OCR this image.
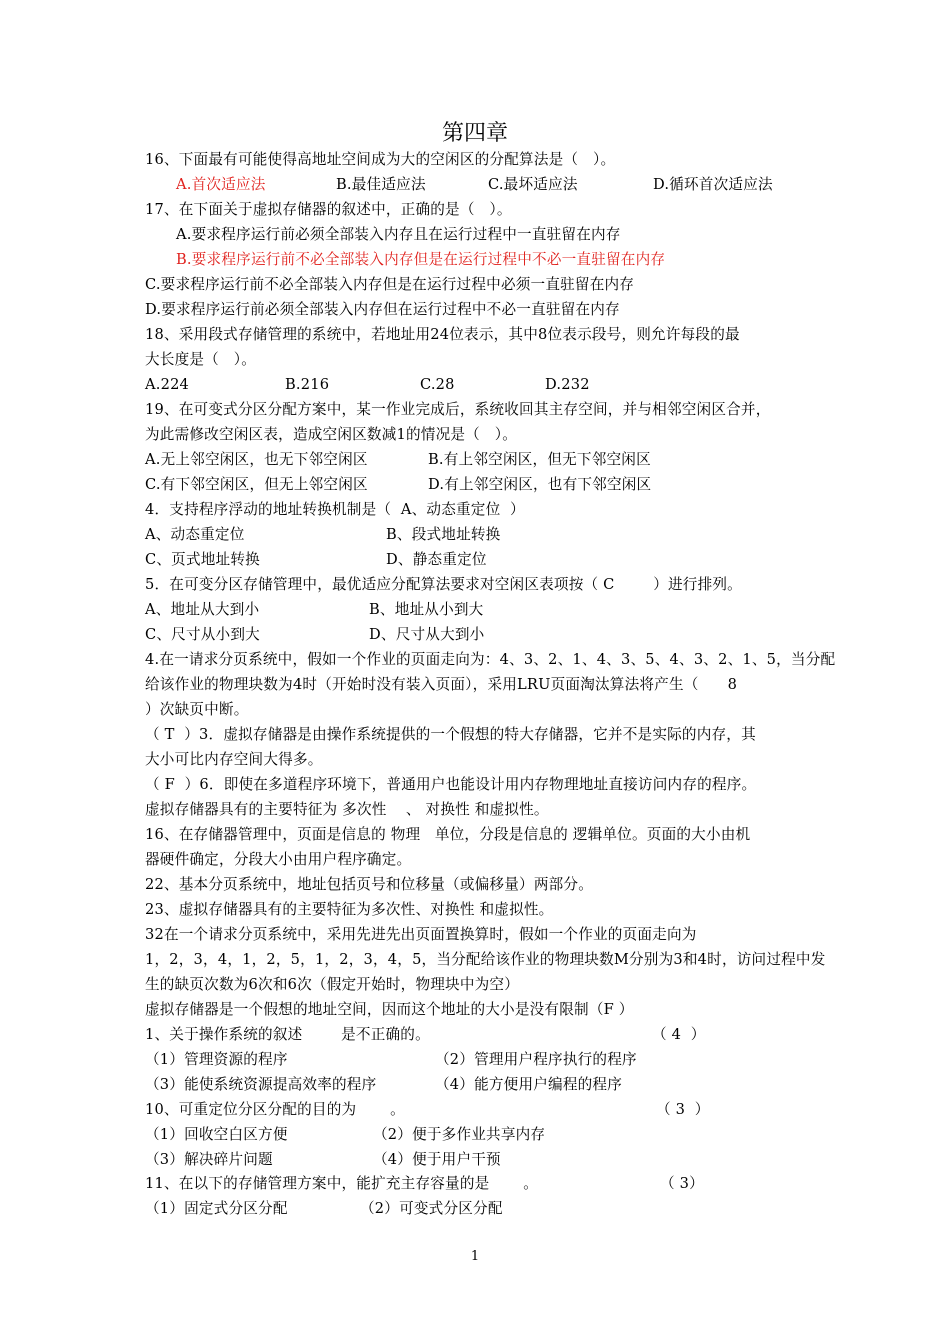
第四章
16、下面最有可能使得高地址空间成为大的空闲区的分配算法是（　）。
A.首次适应法	B.最佳适应法	C.最坏适应法	D.循环首次适应法
17、在下面关于虚拟存储器的叙述中，正确的是（　）。
A.要求程序运行前必须全部装入内存且在运行过程中一直驻留在内存
B.要求程序运行前不必全部装入内存但是在运行过程中不必一直驻留在内存
C.要求程序运行前不必全部装入内存但是在运行过程中必须一直驻留在内存
D.要求程序运行前必须全部装入内存但在运行过程中不必一直驻留在内存
18、采用段式存储管理的系统中，若地址用24位表示，其中8位表示段号，则允许每段的最
大长度是（　）。
A.224	B.216	C.28	D.232
19、在可变式分区分配方案中，某一作业完成后，系统收回其主存空间，并与相邻空闲区合并，
为此需修改空闲区表，造成空闲区数减1的情况是（　）。
A.无上邻空闲区，也无下邻空闲区	B.有上邻空闲区，但无下邻空闲区
C.有下邻空闲区，但无上邻空闲区	D.有上邻空闲区，也有下邻空闲区
4．支持程序浮动的地址转换机制是（  A、动态重定位  ）
A、动态重定位	B、段式地址转换
C、页式地址转换	D、静态重定位
5．在可变分区存储管理中，最优适应分配算法要求对空闲区表项按（ C        ）进行排列。
A、地址从大到小	B、地址从小到大
C、尺寸从小到大	D、尺寸从大到小
4.在一请求分页系统中，假如一个作业的页面走向为：4、3、2、1、4、3、5、4、3、2、1、5，当分配
给该作业的物理块数为4时（开始时没有装入页面），采用LRU页面淘汰算法将产生（      8
）次缺页中断。
（ T  ）3．虚拟存储器是由操作系统提供的一个假想的特大存储器，它并不是实际的内存，其
大小可比内存空间大得多。
（ F  ）6．即使在多道程序环境下，普通用户也能设计用内存物理地址直接访问内存的程序。
虚拟存储器具有的主要特征为 多次性    、 对换性 和虚拟性。
16、在存储器管理中，页面是信息的 物理   单位，分段是信息的 逻辑单位。页面的大小由机
器硬件确定，分段大小由用户程序确定。
22、基本分页系统中，地址包括页号和位移量（或偏移量）两部分。
23、虚拟存储器具有的主要特征为多次性、对换性 和虚拟性。
32在一个请求分页系统中，采用先进先出页面置换算时，假如一个作业的页面走向为
1，2，3，4，1，2，5，1，2，3，4，5，当分配给该作业的物理块数M分别为3和4时，访问过程中发
生的缺页次数为6次和6次（假定开始时，物理块中为空）
虚拟存储器是一个假想的地址空间，因而这个地址的大小是没有限制（F ）
1、关于操作系统的叙述        是不正确的。	（ 4  ）
（1）管理资源的程序	（2）管理用户程序执行的程序
（3）能使系统资源提高效率的程序	（4）能方便用户编程的程序
10、可重定位分区分配的目的为       。	（ 3  ）
（1）回收空白区方便	（2）便于多作业共享内存
（3）解决碎片问题	（4）便于用户干预
11、在以下的存储管理方案中，能扩充主存容量的是       。	（ 3）
（1）固定式分区分配	（2）可变式分区分配
1
